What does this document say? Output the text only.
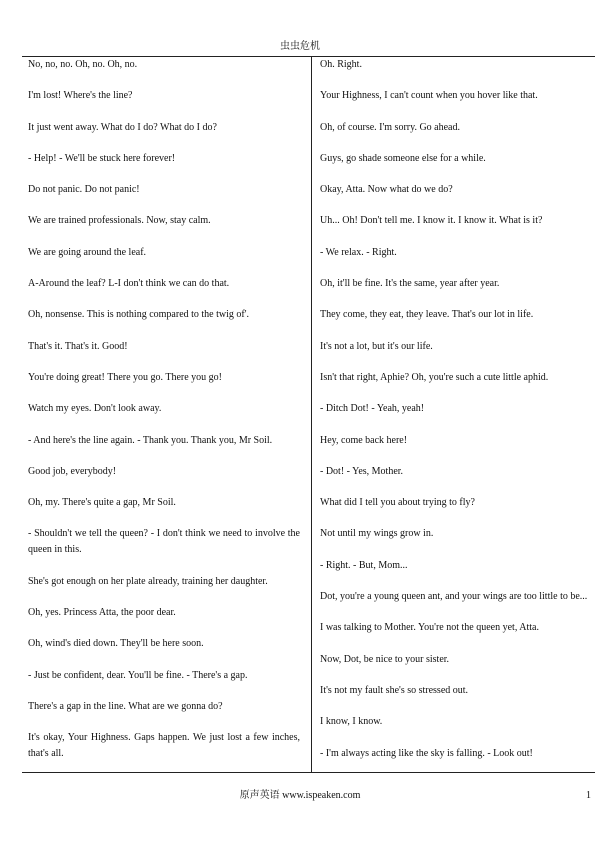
虫虫危机

No, no, no. Oh, no. Oh, no.

I'm lost! Where's the line?

It just went away. What do I do? What do I do?

- Help! - We'll be stuck here forever!

Do not panic. Do not panic!

We are trained professionals. Now, stay calm.

We are going around the leaf.

A-Around the leaf? L-I don't think we can do that.

Oh, nonsense. This is nothing compared to the twig of'.

That's it. That's it. Good!

You're doing great! There you go. There you go!

Watch my eyes. Don't look away.

- And here's the line again. - Thank you. Thank you, Mr Soil.

Good job, everybody!

Oh, my. There's quite a gap, Mr Soil.

- Shouldn't we tell the queen? - I don't think we need to involve the queen in this.

She's got enough on her plate already, training her daughter.

Oh, yes. Princess Atta, the poor dear.

Oh, wind's died down. They'll be here soon.

- Just be confident, dear. You'll be fine. - There's a gap.

There's a gap in the line. What are we gonna do?

It's okay, Your Highness. Gaps happen. We just lost a few inches, that's all.

Oh. Right.

Your Highness, I can't count when you hover like that.

Oh, of course. I'm sorry. Go ahead.

Guys, go shade someone else for a while.

Okay, Atta. Now what do we do?

Uh... Oh! Don't tell me. I know it. I know it. What is it?

- We relax. - Right.

Oh, it'll be fine. It's the same, year after year.

They come, they eat, they leave. That's our lot in life.

It's not a lot, but it's our life.

Isn't that right, Aphie? Oh, you're such a cute little aphid.

- Ditch Dot! - Yeah, yeah!

Hey, come back here!

- Dot! - Yes, Mother.

What did I tell you about trying to fly?

Not until my wings grow in.

- Right. - But, Mom...

Dot, you're a young queen ant, and your wings are too little to be...

I was talking to Mother. You're not the queen yet, Atta.

Now, Dot, be nice to your sister.

It's not my fault she's so stressed out.

I know, I know.

- I'm always acting like the sky is falling. - Look out!

原声英语 www.ispeaken.com	1
